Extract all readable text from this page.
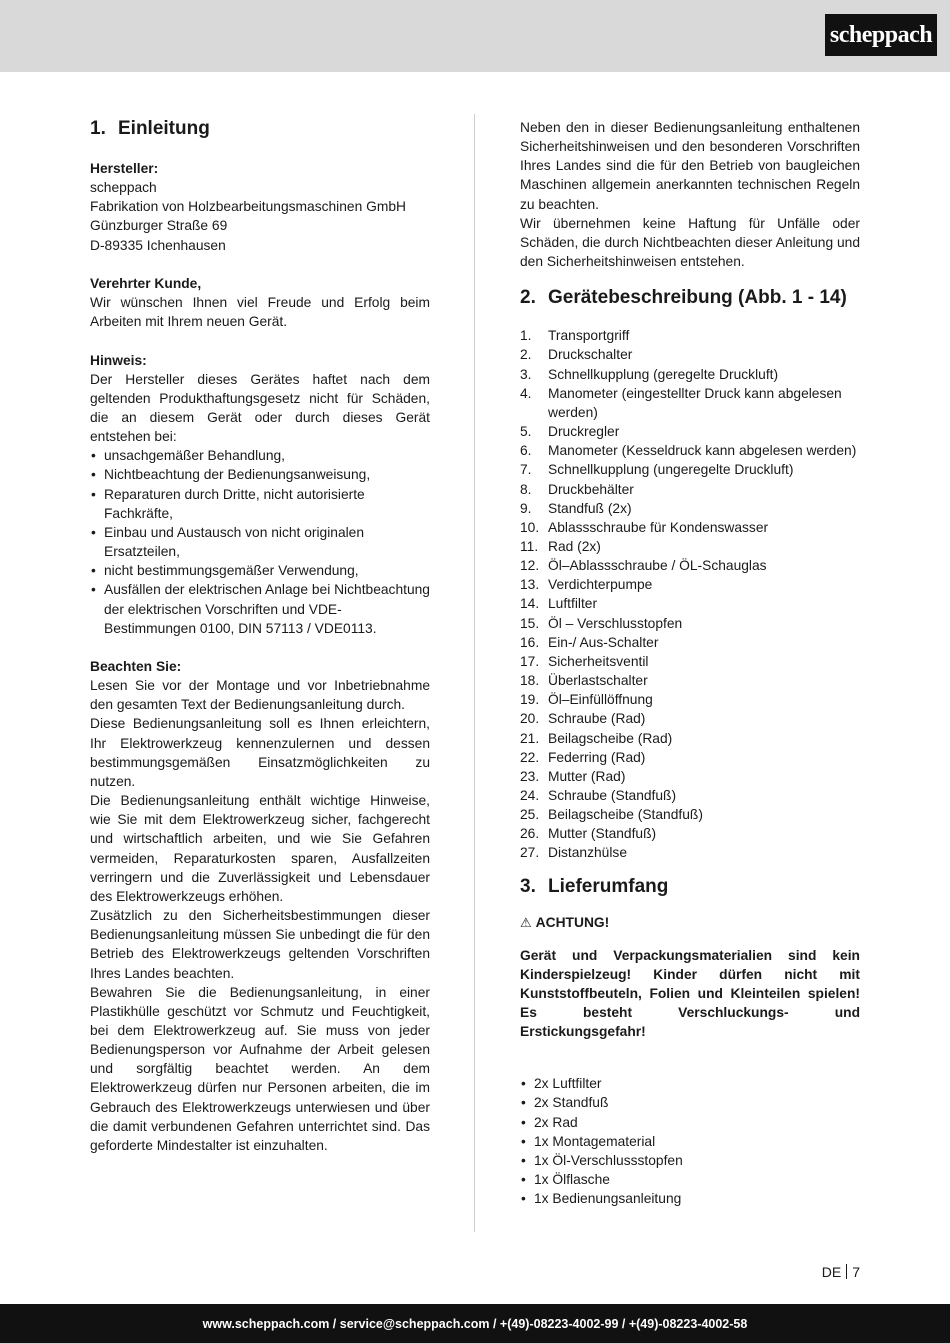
scheppach
1. Einleitung
Hersteller:
scheppach
Fabrikation von Holzbearbeitungsmaschinen GmbH
Günzburger Straße 69
D-89335 Ichenhausen
Verehrter Kunde,

Wir wünschen Ihnen viel Freude und Erfolg beim Arbeiten mit Ihrem neuen Gerät.

Hinweis:

Der Hersteller dieses Gerätes haftet nach dem geltenden Produkthaftungsgesetz nicht für Schäden, die an diesem Gerät oder durch dieses Gerät entstehen bei:

• unsachgemäßer Behandlung,
• Nichtbeachtung der Bedienungsanweisung,
• Reparaturen durch Dritte, nicht autorisierte Fachkräfte,
• Einbau und Austausch von nicht originalen Ersatzteilen,
• nicht bestimmungsgemäßer Verwendung,
• Ausfällen der elektrischen Anlage bei Nichtbeachtung der elektrischen Vorschriften und VDE-Bestimmungen 0100, DIN 57113 / VDE0113.
Beachten Sie:

Lesen Sie vor der Montage und vor Inbetriebnahme den gesamten Text der Bedienungsanleitung durch.

Diese Bedienungsanleitung soll es Ihnen erleichtern, Ihr Elektrowerkzeug kennenzulernen und dessen bestimmungsgemäßen Einsatzmöglichkeiten zu nutzen.

Die Bedienungsanleitung enthält wichtige Hinweise, wie Sie mit dem Elektrowerkzeug sicher, fachgerecht und wirtschaftlich arbeiten, und wie Sie Gefahren vermeiden, Reparaturkosten sparen, Ausfallzeiten verringern und die Zuverlässigkeit und Lebensdauer des Elektrowerkzeugs erhöhen.

Zusätzlich zu den Sicherheitsbestimmungen dieser Bedienungsanleitung müssen Sie unbedingt die für den Betrieb des Elektrowerkzeugs geltenden Vorschriften Ihres Landes beachten.

Bewahren Sie die Bedienungsanleitung, in einer Plastikhülle geschützt vor Schmutz und Feuchtigkeit, bei dem Elektrowerkzeug auf. Sie muss von jeder Bedienungsperson vor Aufnahme der Arbeit gelesen und sorgfältig beachtet werden. An dem Elektrowerkzeug dürfen nur Personen arbeiten, die im Gebrauch des Elektrowerkzeugs unterwiesen und über die damit verbundenen Gefahren unterrichtet sind. Das geforderte Mindestalter ist einzuhalten.

Neben den in dieser Bedienungsanleitung enthaltenen Sicherheitshinweisen und den besonderen Vorschriften Ihres Landes sind die für den Betrieb von baugleichen Maschinen allgemein anerkannten technischen Regeln zu beachten.

Wir übernehmen keine Haftung für Unfälle oder Schäden, die durch Nichtbeachten dieser Anleitung und den Sicherheitshinweisen entstehen.

2. Gerätebeschreibung (Abb. 1 - 14)
1.	Transportgriff
2.	Druckschalter
3.	Schnellkupplung (geregelte Druckluft)
4.	Manometer (eingestellter Druck kann abgelesen werden)
5.	Druckregler
6.	Manometer (Kesseldruck kann abgelesen werden)
7.	Schnellkupplung (ungeregelte Druckluft)
8.	Druckbehälter
9.	Standfuß (2x)
10. Ablassschraube für Kondenswasser
11. Rad (2x)
12. Öl–Ablassschraube / ÖL-Schauglas
13. Verdichterpumpe
14. Luftfilter
15. Öl – Verschlusstopfen
16. Ein-/ Aus-Schalter
17. Sicherheitsventil
18. Überlastschalter
19. Öl–Einfüllöffnung
20. Schraube (Rad)
21. Beilagscheibe (Rad)
22. Federring (Rad)
23. Mutter (Rad)
24. Schraube (Standfuß)
25. Beilagscheibe (Standfuß)
26. Mutter (Standfuß)
27. Distanzhülse
3. Lieferumfang
⚠ ACHTUNG!

Gerät und Verpackungsmaterialien sind kein Kinderspielzeug! Kinder dürfen nicht mit Kunststoffbeuteln, Folien und Kleinteilen spielen! Es besteht Verschluckungs- und Erstickungsgefahr!

• 2x Luftfilter
• 2x Standfuß
• 2x Rad
• 1x Montagematerial
• 1x Öl-Verschlussstopfen
• 1x Ölflasche
• 1x Bedienungsanleitung
DE 7
www.scheppach.com / service@scheppach.com / +(49)-08223-4002-99 / +(49)-08223-4002-58
